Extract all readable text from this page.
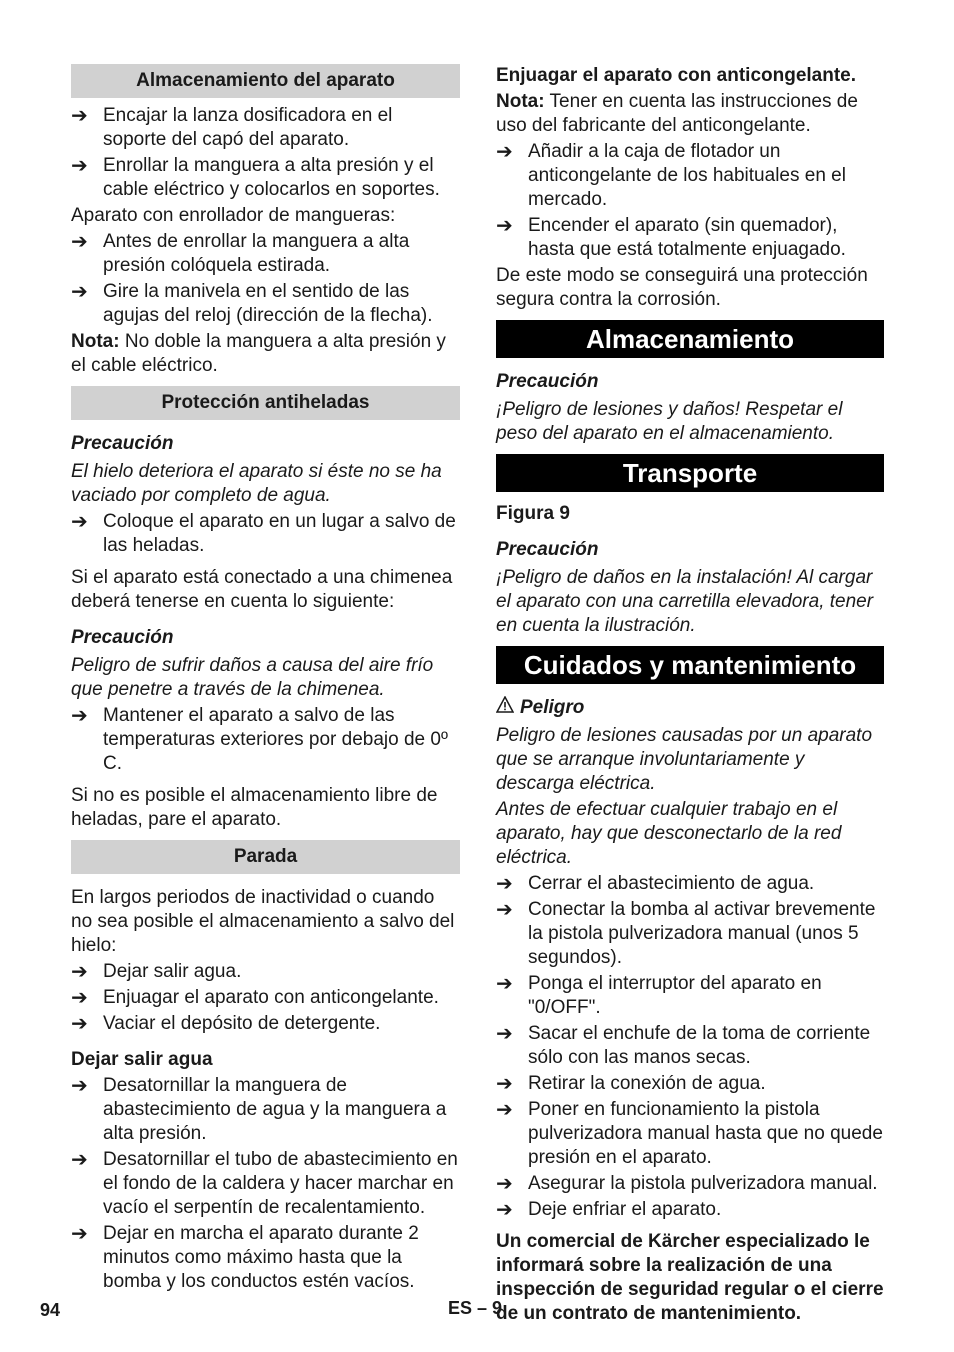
Almacenamiento del aparato
➔ Encajar la lanza dosificadora en el soporte del capó del aparato.
➔ Enrollar la manguera a alta presión y el cable eléctrico y colocarlos en soportes.
Aparato con enrollador de mangueras:
➔ Antes de enrollar la manguera a alta presión colóquela estirada.
➔ Gire la manivela en el sentido de las agujas del reloj (dirección de la flecha).
Nota: No doble la manguera a alta presión y el cable eléctrico.
Protección antiheladas
Precaución
El hielo deteriora el aparato si éste no se ha vaciado por completo de agua.
➔ Coloque el aparato en un lugar a salvo de las heladas.
Si el aparato está conectado a una chimenea deberá tenerse en cuenta lo siguiente:
Precaución
Peligro de sufrir daños a causa del aire frío que penetre a través de la chimenea.
➔ Mantener el aparato a salvo de las temperaturas exteriores por debajo de 0º C.
Si no es posible el almacenamiento libre de heladas, pare el aparato.
Parada
En largos periodos de inactividad o cuando no sea posible el almacenamiento a salvo del hielo:
➔ Dejar salir agua.
➔ Enjuagar el aparato con anticongelante.
➔ Vaciar el depósito de detergente.
Dejar salir agua
➔ Desatornillar la manguera de abastecimiento de agua y la manguera a alta presión.
➔ Desatornillar el tubo de abastecimiento en el fondo de la caldera y hacer marchar en vacío el serpentín de recalentamiento.
➔ Dejar en marcha el aparato durante 2 minutos como máximo hasta que la bomba y los conductos estén vacíos.
Enjuagar el aparato con anticongelante.
Nota: Tener en cuenta las instrucciones de uso del fabricante del anticongelante.
➔ Añadir a la caja de flotador un anticongelante de los habituales en el mercado.
➔ Encender el aparato (sin quemador), hasta que está totalmente enjuagado.
De este modo se conseguirá una protección segura contra la corrosión.
Almacenamiento
Precaución
¡Peligro de lesiones y daños! Respetar el peso del aparato en el almacenamiento.
Transporte
Figura 9
Precaución
¡Peligro de daños en la instalación! Al cargar el aparato con una carretilla elevadora, tener en cuenta la ilustración.
Cuidados y mantenimiento
Peligro
Peligro de lesiones causadas por un aparato que se arranque involuntariamente y descarga eléctrica.
Antes de efectuar cualquier trabajo en el aparato, hay que desconectarlo de la red eléctrica.
➔ Cerrar el abastecimiento de agua.
➔ Conectar la bomba al activar brevemente la pistola pulverizadora manual (unos 5 segundos).
➔ Ponga el interruptor del aparato en "0/OFF".
➔ Sacar el enchufe de la toma de corriente sólo con las manos secas.
➔ Retirar la conexión de agua.
➔ Poner en funcionamiento la pistola pulverizadora manual hasta que no quede presión en el aparato.
➔ Asegurar la pistola pulverizadora manual.
➔ Deje enfriar el aparato.
Un comercial de Kärcher especializado le informará sobre la realización de una inspección de seguridad regular o el cierre de un contrato de mantenimiento.
94	ES – 9
